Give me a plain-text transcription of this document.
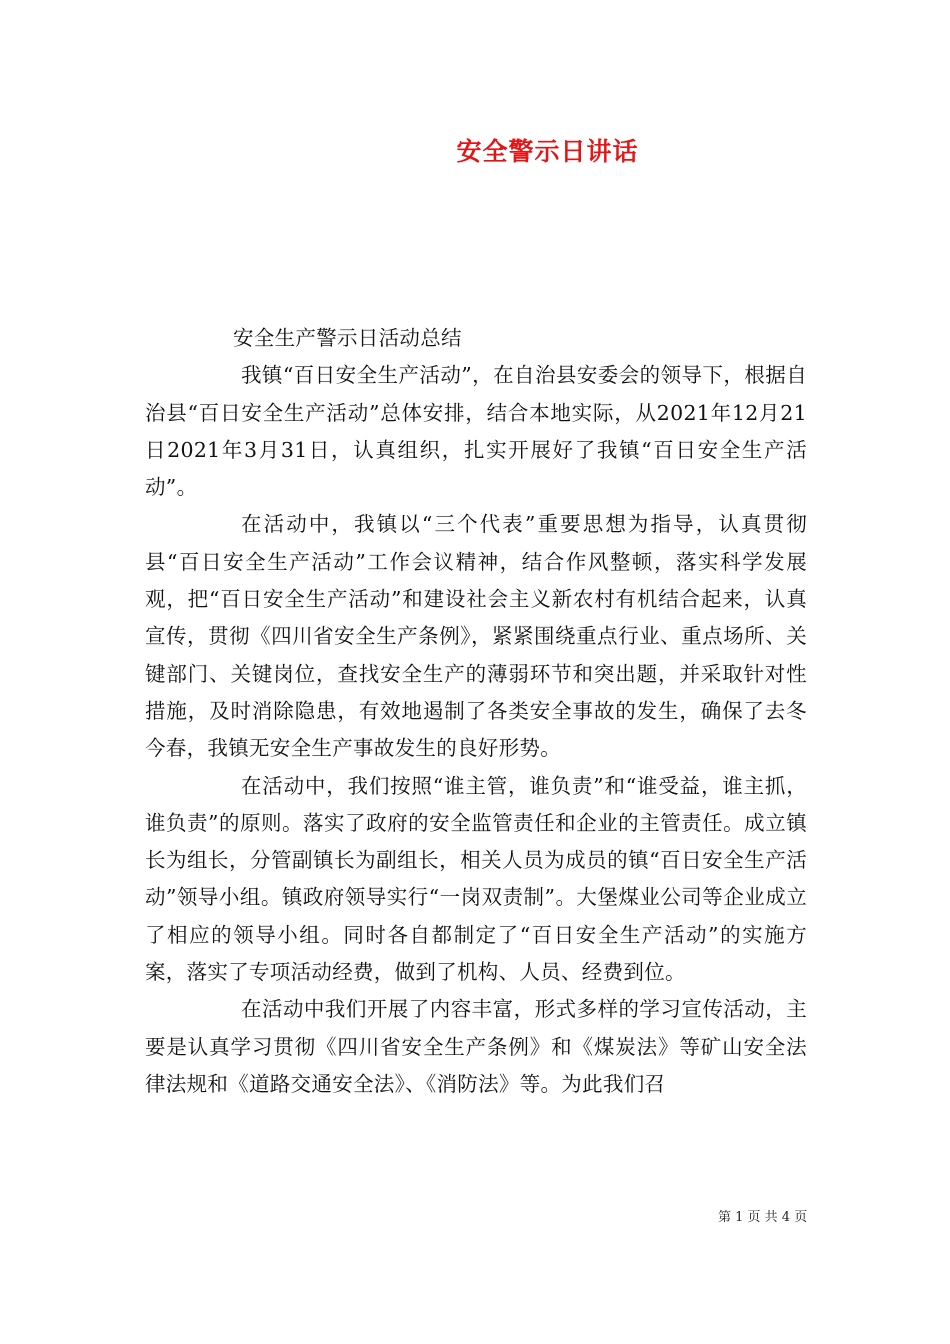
安全警示日讲话

安全生产警示日活动总结

我镇“百日安全生产活动”，在自治县安委会的领导下，根据自治县“百日安全生产活动”总体安排，结合本地实际，从2021年12月21日2021年3月31日，认真组织，扎实开展好了我镇“百日安全生产活动”。

在活动中，我镇以“三个代表”重要思想为指导，认真贯彻县“百日安全生产活动”工作会议精神，结合作风整顿，落实科学发展观，把“百日安全生产活动”和建设社会主义新农村有机结合起来，认真宣传，贯彻《四川省安全生产条例》，紧紧围绕重点行业、重点场所、关键部门、关键岗位，查找安全生产的薄弱环节和突出题，并采取针对性措施，及时消除隐患，有效地遏制了各类安全事故的发生，确保了去冬今春，我镇无安全生产事故发生的良好形势。

在活动中，我们按照“谁主管，谁负责”和“谁受益，谁主抓，谁负责”的原则。落实了政府的安全监管责任和企业的主管责任。成立镇长为组长，分管副镇长为副组长，相关人员为成员的镇“百日安全生产活动”领导小组。镇政府领导实行“一岗双责制”。大堡煤业公司等企业成立了相应的领导小组。同时各自都制定了“百日安全生产活动”的实施方案，落实了专项活动经费，做到了机构、人员、经费到位。

在活动中我们开展了内容丰富，形式多样的学习宣传活动，主要是认真学习贯彻《四川省安全生产条例》和《煤炭法》等矿山安全法律法规和《道路交通安全法》、《消防法》等。为此我们召

第 1 页 共 4 页
